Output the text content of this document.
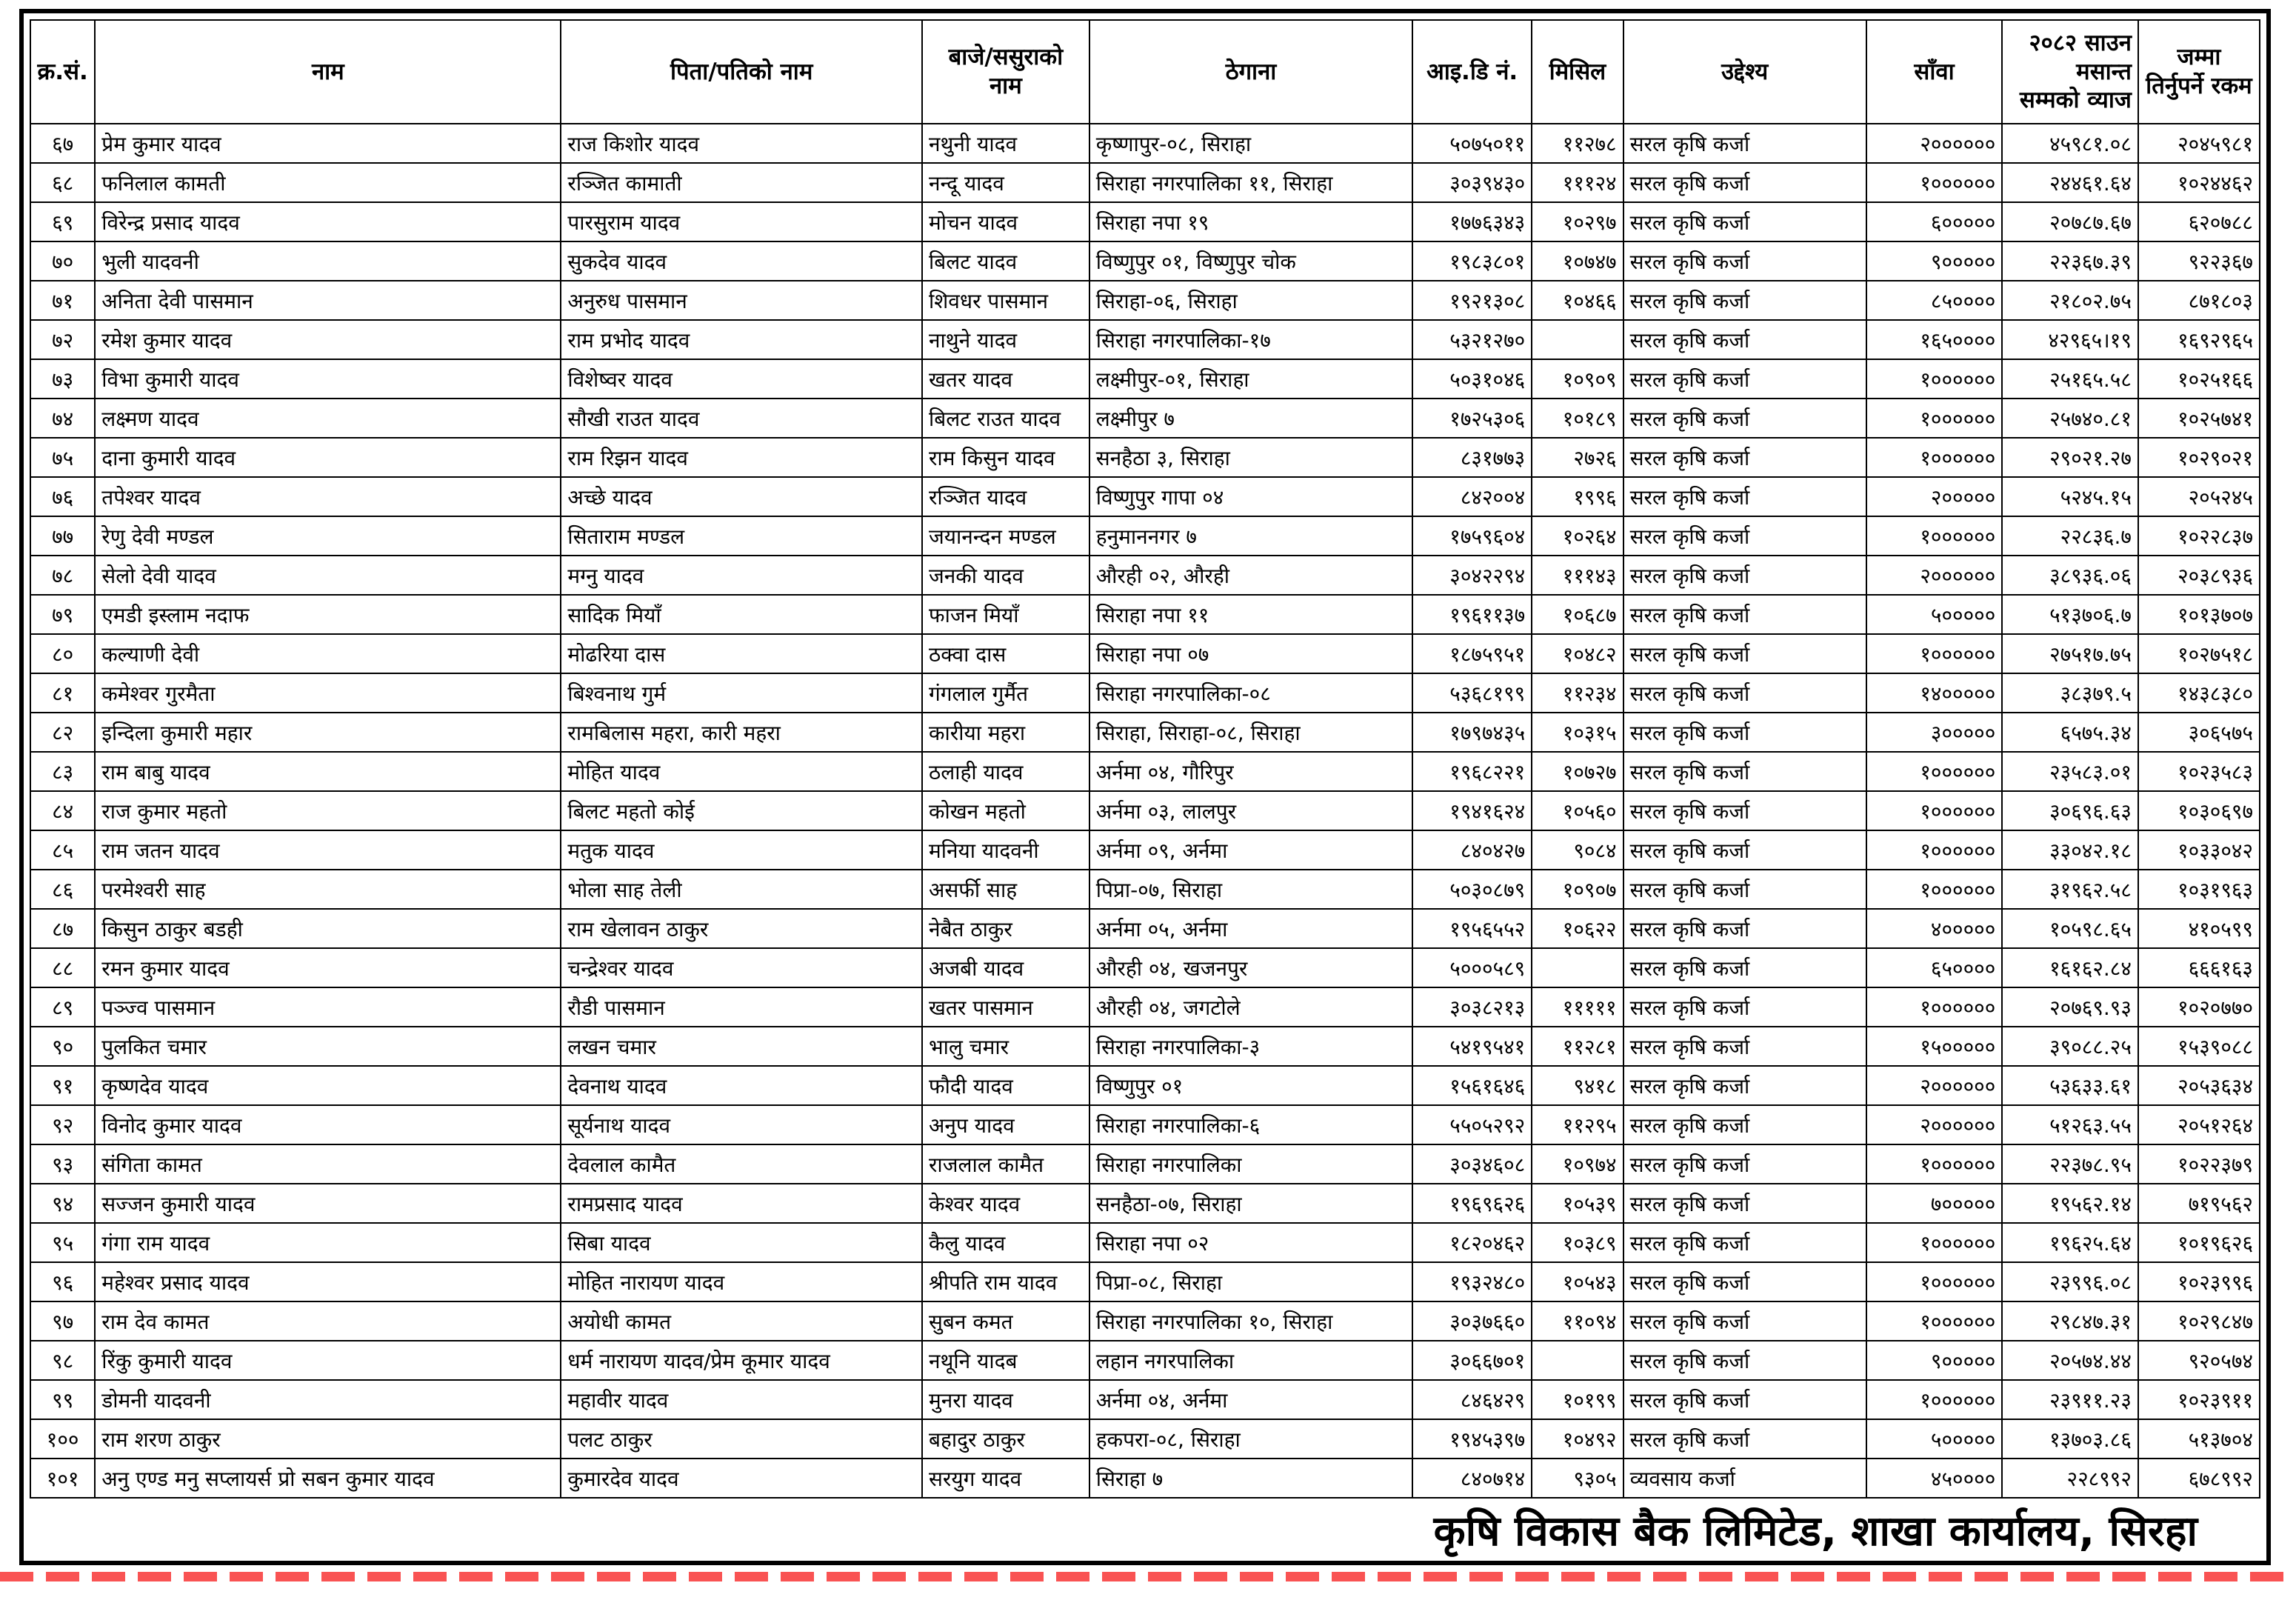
क्र.सं.	नाम	पिता/पतिको नाम	बाजे/ससुराको नाम	ठेगाना	आइ.डि नं.	मिसिल	उद्देश्य	साँवा	२०८२ साउन मसान्त सम्मको व्याज	जम्मा तिर्नुपर्ने रकम
६७	प्रेम कुमार यादव	राज किशोर यादव	नथुनी यादव	कृष्णापुर-०८, सिराहा	५०७५०११	११२७८	सरल कृषि कर्जा	२००००००	४५९८१.०८	२०४५९८१
६८	फनिलाल कामती	रञ्जित कामाती	नन्दू यादव	सिराहा नगरपालिका ११, सिराहा	३०३९४३०	१११२४	सरल कृषि कर्जा	१००००००	२४४६१.६४	१०२४४६२
६९	विरेन्द्र प्रसाद यादव	पारसुराम यादव	मोचन यादव	सिराहा नपा १९	१७७६३४३	१०२९७	सरल कृषि कर्जा	६०००००	२०७८७.६७	६२०७८८
७०	भुली यादवनी	सुकदेव यादव	बिलट यादव	विष्णुपुर ०१, विष्णुपुर चोक	१९८३८०१	१०७४७	सरल कृषि कर्जा	९०००००	२२३६७.३९	९२२३६७
७१	अनिता देवी पासमान	अनुरुध पासमान	शिवधर पासमान	सिराहा-०६, सिराहा	१९२१३०८	१०४६६	सरल कृषि कर्जा	८५००००	२१८०२.७५	८७१८०३
७२	रमेश कुमार यादव	राम प्रभोद यादव	नाथुने यादव	सिराहा नगरपालिका-१७	५३२१२७०		सरल कृषि कर्जा	१६५००००	४२९६५।१९	१६९२९६५
७३	विभा कुमारी यादव	विशेष्वर यादव	खतर यादव	लक्ष्मीपुर-०१, सिराहा	५०३१०४६	१०९०९	सरल कृषि कर्जा	१००००००	२५१६५.५८	१०२५१६६
७४	लक्ष्मण यादव	सौखी राउत यादव	बिलट राउत यादव	लक्ष्मीपुर ७	१७२५३०६	१०१८९	सरल कृषि कर्जा	१००००००	२५७४०.८१	१०२५७४१
७५	दाना कुमारी यादव	राम रिझन यादव	राम किसुन यादव	सनहैठा ३, सिराहा	८३१७७३	२७२६	सरल कृषि कर्जा	१००००००	२९०२१.२७	१०२९०२१
७६	तपेश्वर यादव	अच्छे यादव	रञ्जित यादव	विष्णुपुर गापा ०४	८४२००४	१९९६	सरल कृषि कर्जा	२०००००	५२४५.१५	२०५२४५
७७	रेणु देवी मण्डल	सिताराम मण्डल	जयानन्दन मण्डल	हनुमाननगर ७	१७५९६०४	१०२६४	सरल कृषि कर्जा	१००००००	२२८३६.७	१०२२८३७
७८	सेलो देवी यादव	मग्नु यादव	जनकी यादव	औरही ०२, औरही	३०४२२९४	१११४३	सरल कृषि कर्जा	२००००००	३८९३६.०६	२०३८९३६
७९	एमडी इस्लाम नदाफ	सादिक मियाँ	फाजन मियाँ	सिराहा नपा ११	१९६११३७	१०६८७	सरल कृषि कर्जा	५०००००	५१३७०६.७	१०१३७०७
८०	कल्याणी देवी	मोढरिया दास	ठक्वा दास	सिराहा नपा ०७	१८७५९५१	१०४८२	सरल कृषि कर्जा	१००००००	२७५१७.७५	१०२७५१८
८१	कमेश्वर गुरमैता	बिश्वनाथ गुर्म	गंगलाल गुर्मैत	सिराहा नगरपालिका-०८	५३६८१९९	११२३४	सरल कृषि कर्जा	१४०००००	३८३७९.५	१४३८३८०
८२	इन्दिला कुमारी महार	रामबिलास महरा, कारी महरा	कारीया महरा	सिराहा, सिराहा-०८, सिराहा	१७९७४३५	१०३१५	सरल कृषि कर्जा	३०००००	६५७५.३४	३०६५७५
८३	राम बाबु यादव	मोहित यादव	ठलाही यादव	अर्नमा ०४, गौरिपुर	१९६८२२१	१०७२७	सरल कृषि कर्जा	१००००००	२३५८३.०१	१०२३५८३
८४	राज कुमार महतो	बिलट महतो कोई	कोखन महतो	अर्नमा ०३, लालपुर	१९४१६२४	१०५६०	सरल कृषि कर्जा	१००००००	३०६९६.६३	१०३०६९७
८५	राम जतन यादव	मतुक यादव	मनिया यादवनी	अर्नमा ०९, अर्नमा	८४०४२७	९०८४	सरल कृषि कर्जा	१००००००	३३०४२.१८	१०३३०४२
८६	परमेश्वरी साह	भोला साह तेली	असर्फी साह	पिप्रा-०७, सिराहा	५०३०८७९	१०९०७	सरल कृषि कर्जा	१००००००	३१९६२.५८	१०३१९६३
८७	किसुन ठाकुर बडही	राम खेलावन ठाकुर	नेबैत ठाकुर	अर्नमा ०५, अर्नमा	१९५६५५२	१०६२२	सरल कृषि कर्जा	४०००००	१०५९८.६५	४१०५९९
८८	रमन कुमार यादव	चन्द्रेश्वर यादव	अजबी यादव	औरही ०४, खजनपुर	५०००५८९		सरल कृषि कर्जा	६५००००	१६१६२.८४	६६६१६३
८९	पञ्ज्व पासमान	रौडी पासमान	खतर पासमान	औरही ०४, जगटोले	३०३८२१३	१११११	सरल कृषि कर्जा	१००००००	२०७६९.९३	१०२०७७०
९०	पुलकित चमार	लखन चमार	भालु चमार	सिराहा नगरपालिका-३	५४१९५४१	११२८१	सरल कृषि कर्जा	१५०००००	३९०८८.२५	१५३९०८८
९१	कृष्णदेव यादव	देवनाथ यादव	फौदी यादव	विष्णुपुर ०१	१५६१६४६	९४१८	सरल कृषि कर्जा	२००००००	५३६३३.६१	२०५३६३४
९२	विनोद कुमार यादव	सूर्यनाथ यादव	अनुप यादव	सिराहा नगरपालिका-६	५५०५२९२	११२९५	सरल कृषि कर्जा	२००००००	५१२६३.५५	२०५१२६४
९३	संगिता कामत	देवलाल कामैत	राजलाल कामैत	सिराहा नगरपालिका	३०३४६०८	१०९७४	सरल कृषि कर्जा	१००००००	२२३७८.९५	१०२२३७९
९४	सज्जन कुमारी यादव	रामप्रसाद यादव	केश्वर यादव	सनहैठा-०७, सिराहा	१९६९६२६	१०५३९	सरल कृषि कर्जा	७०००००	१९५६२.१४	७१९५६२
९५	गंगा राम यादव	सिबा यादव	कैलु यादव	सिराहा नपा ०२	१८२०४६२	१०३८९	सरल कृषि कर्जा	१००००००	१९६२५.६४	१०१९६२६
९६	महेश्वर प्रसाद यादव	मोहित नारायण यादव	श्रीपति राम यादव	पिप्रा-०८, सिराहा	१९३२४८०	१०५४३	सरल कृषि कर्जा	१००००००	२३९९६.०८	१०२३९९६
९७	राम देव कामत	अयोधी कामत	सुबन कमत	सिराहा नगरपालिका १०, सिराहा	३०३७६६०	११०९४	सरल कृषि कर्जा	१००००००	२९८४७.३१	१०२९८४७
९८	रिंकु कुमारी यादव	धर्म नारायण यादव/प्रेम कूमार यादव	नथूनि यादब	लहान नगरपालिका	३०६६७०१		सरल कृषि कर्जा	९०००००	२०५७४.४४	९२०५७४
९९	डोमनी यादवनी	महावीर यादव	मुनरा यादव	अर्नमा ०४, अर्नमा	८४६४२९	१०१९९	सरल कृषि कर्जा	१००००००	२३९११.२३	१०२३९११
१००	राम शरण ठाकुर	पलट ठाकुर	बहादुर ठाकुर	हकपरा-०८, सिराहा	१९४५३९७	१०४९२	सरल कृषि कर्जा	५०००००	१३७०३.८६	५१३७०४
१०१	अनु एण्ड मनु सप्लायर्स प्रो सबन कुमार यादव	कुमारदेव यादव	सरयुग यादव	सिराहा ७	८४०७१४	९३०५	व्यवसाय कर्जा	४५००००	२२८९९२	६७८९९२
कृषि विकास बैक लिमिटेड, शाखा कार्यालय, सिरहा
